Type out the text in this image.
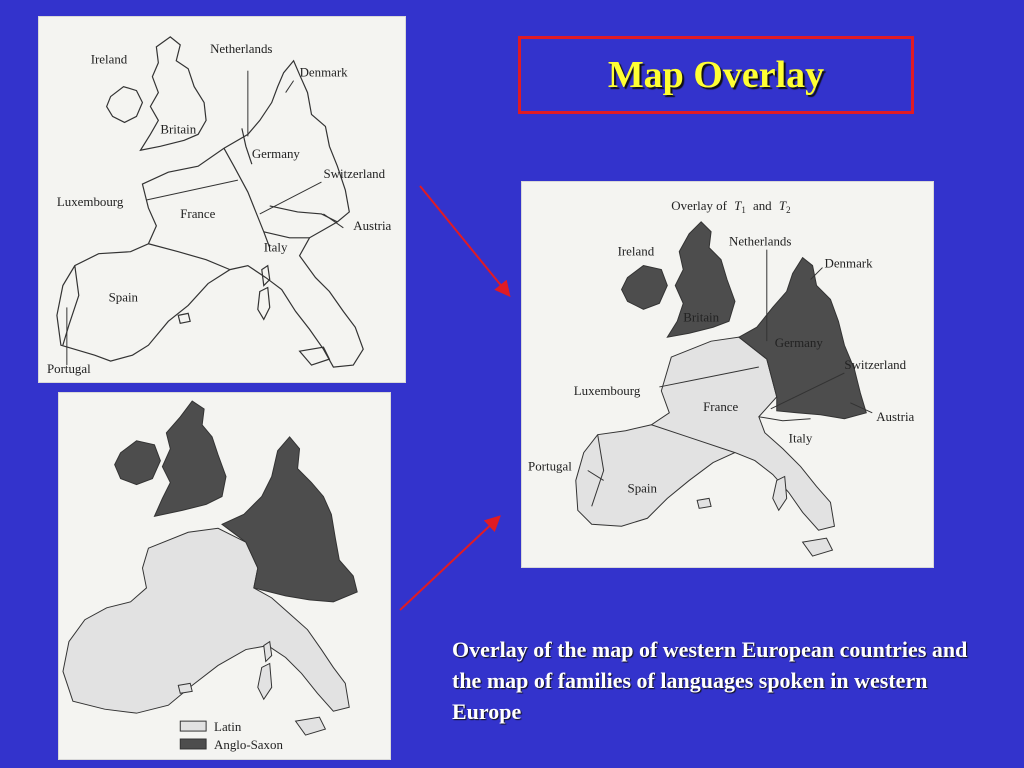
Map Overlay
Ireland
Netherlands
Denmark
Britain
Germany
Switzerland
Luxembourg
France
Austria
Italy
Spain
Portugal
Overlay of $T_1$ and $T_2$
Ireland
Netherlands
Denmark
Britain
Germany
Switzerland
Luxembourg
France
Austria
Italy
Portugal
Spain
Latin
Anglo-Saxon
Overlay of the map of western European countries and the map of families of languages spoken in western Europe
